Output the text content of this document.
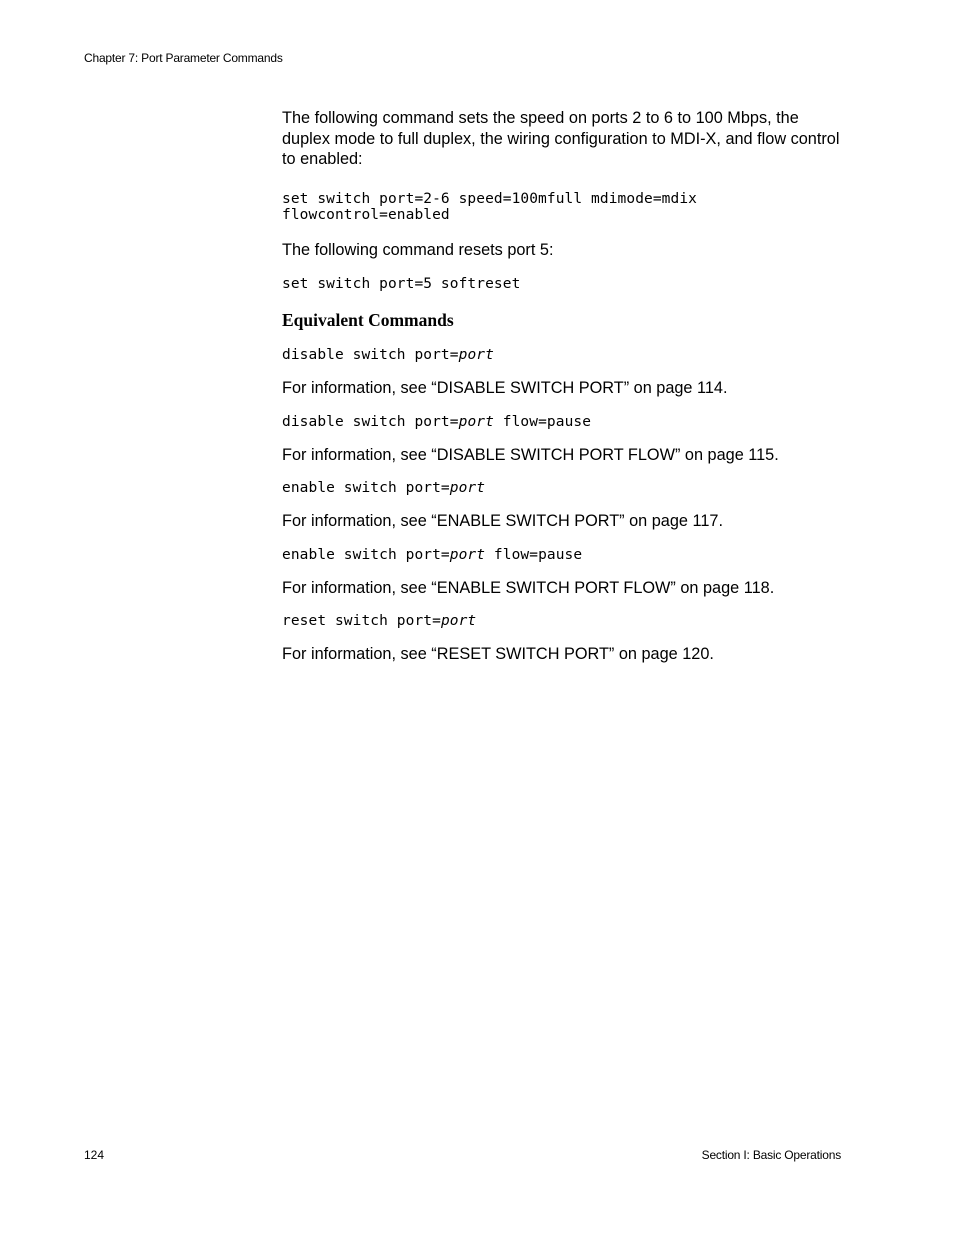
Chapter 7: Port Parameter Commands

The following command sets the speed on ports 2 to 6 to 100 Mbps, the duplex mode to full duplex, the wiring configuration to MDI-X, and flow control to enabled:

set switch port=2-6 speed=100mfull mdimode=mdix

flowcontrol=enabled

The following command resets port 5:

set switch port=5 softreset

Equivalent Commands

disable switch port=port

For information, see “DISABLE SWITCH PORT” on page 114.

disable switch port=port flow=pause

For information, see “DISABLE SWITCH PORT FLOW” on page 115.

enable switch port=port

For information, see “ENABLE SWITCH PORT” on page 117.

enable switch port=port flow=pause

For information, see “ENABLE SWITCH PORT FLOW” on page 118.

reset switch port=port

For information, see “RESET SWITCH PORT” on page 120.

124	Section I: Basic Operations
